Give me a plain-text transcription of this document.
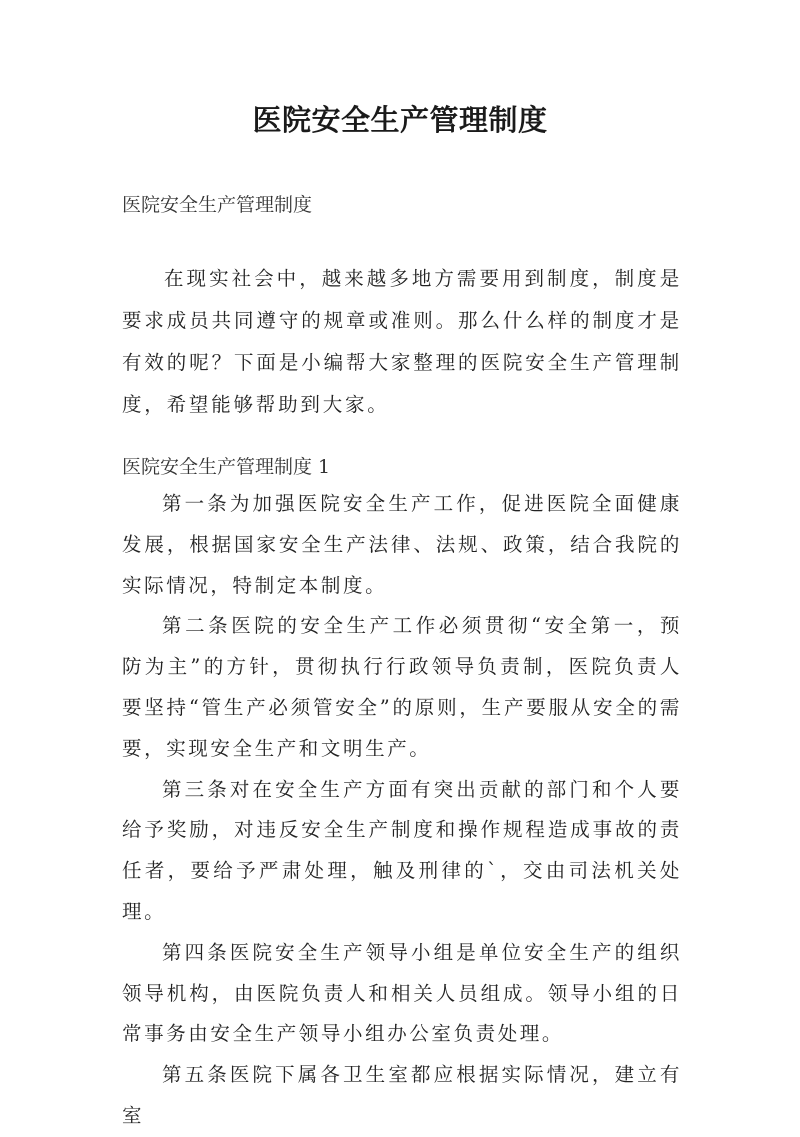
医院安全生产管理制度
医院安全生产管理制度

在现实社会中，越来越多地方需要用到制度，制度是要求成员共同遵守的规章或准则。那么什么样的制度才是有效的呢？下面是小编帮大家整理的医院安全生产管理制度，希望能够帮助到大家。

医院安全生产管理制度 1

第一条为加强医院安全生产工作，促进医院全面健康发展，根据国家安全生产法律、法规、政策，结合我院的实际情况，特制定本制度。

第二条医院的安全生产工作必须贯彻“安全第一，预防为主”的方针，贯彻执行行政领导负责制，医院负责人要坚持“管生产必须管安全”的原则，生产要服从安全的需要，实现安全生产和文明生产。

第三条对在安全生产方面有突出贡献的部门和个人要给予奖励，对违反安全生产制度和操作规程造成事故的责任者，要给予严肃处理，触及刑律的`，交由司法机关处理。

第四条医院安全生产领导小组是单位安全生产的组织领导机构，由医院负责人和相关人员组成。领导小组的日常事务由安全生产领导小组办公室负责处理。

第五条医院下属各卫生室都应根据实际情况，建立有室
